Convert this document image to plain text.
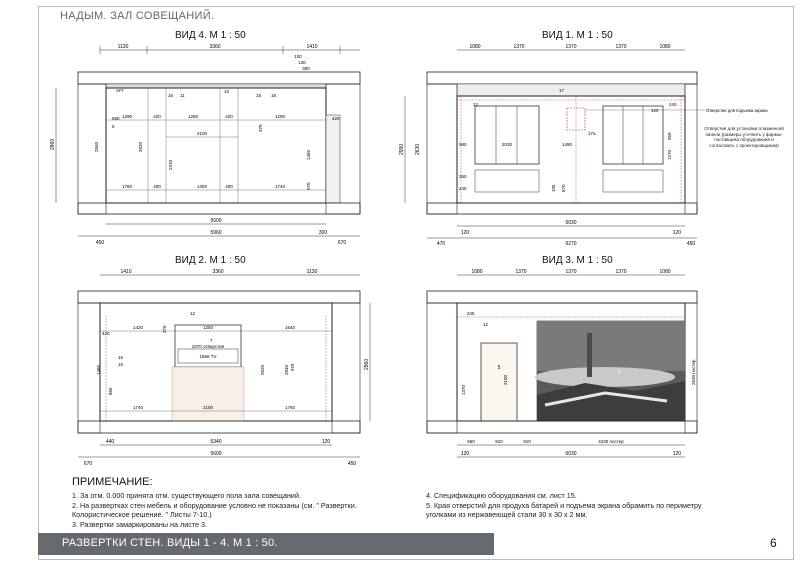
НАДЫМ. ЗАЛ СОВЕЩАНИЙ.
ВИД 4. М 1 : 50
1130	3360	1410
100
130
300
1290	420	1250	420	1290
2100
2310
11
12
15
16	18
560
6
420
370
1465
970
ЯРТ
1760	400	1300	400	1740
5600
5960
450
300
670
2960	2840	2620
ВИД 1. М 1 : 50
1080	1370	1370	1370	1080
12
17
17а	950
1270
240
420
105 870
2030	1490
Отверстие для подъема экрана
Отверстия для установки плазменной панели (размеры уточнить у фирмы-поставщика оборудования и согласовать с проектировщиком)
6030
6270
470
120	120
450
2990 2630	980
360
240
ВИД 2. М 1 : 50
1410	3360	1130
1070 отверстие
1556 TV
1420	1250	1640
2100
1740	1760
12
15
16
7
420
370
975
860
5340
5600
670
440	120
450
1485	2620	2840	2960
ВИД 3. М 1 : 50
1080	1370	1370	1370	1080
12
245
5
1370
2100
8	2630 постер
560	910	910	4230 постер
6030
120	120
ПРИМЕЧАНИЕ:
1. За отм. 0.000 принята отм. существующего пола зала совещаний.
2. На развертках стен мебель и оборудование условно не показаны (см. " Развертки.
Колористическое решение. " Листы 7-10.)
3. Развертки замаркированы на листе 3.
4. Спецификацию оборудования см. лист 15.
5. Края отверстий для продуха батарей и подъема экрана обрамить по периметру
уголками из нержавеющей стали 30 x 30 x 2 мм.
РАЗВЕРТКИ СТЕН. ВИДЫ 1 - 4. М 1 : 50.	6
